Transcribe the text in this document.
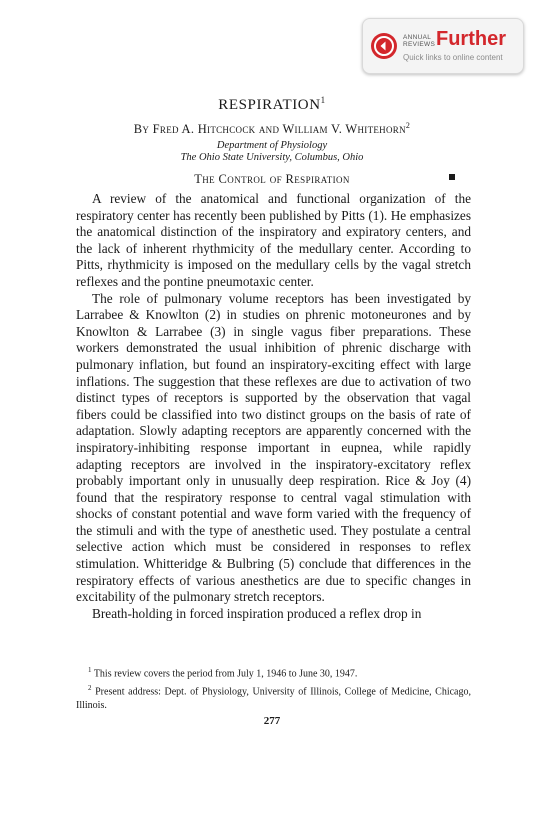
ANNUAL
REVIEWS Further
Quick links to online content
RESPIRATION$^1$
By Fred A. Hitchcock and William V. Whitehorn$^2$
Department of Physiology
The Ohio State University, Columbus, Ohio
The Control of Respiration

A review of the anatomical and functional organization of the respiratory center has recently been published by Pitts (1). He emphasizes the anatomical distinction of the inspiratory and expiratory centers, and the lack of inherent rhythmicity of the medullary center. According to Pitts, rhythmicity is imposed on the medullary cells by the vagal stretch reflexes and the pontine pneumotaxic center.

The role of pulmonary volume receptors has been investigated by Larrabee & Knowlton (2) in studies on phrenic motoneurones and by Knowlton & Larrabee (3) in single vagus fiber preparations. These workers demonstrated the usual inhibition of phrenic discharge with pulmonary inflation, but found an inspiratory-exciting effect with large inflations. The suggestion that these reflexes are due to activation of two distinct types of receptors is supported by the observation that vagal fibers could be classified into two distinct groups on the basis of rate of adaptation. Slowly adapting receptors are apparently concerned with the inspiratory-inhibiting response important in eupnea, while rapidly adapting receptors are involved in the inspiratory-excitatory reflex probably important only in unusually deep respiration. Rice & Joy (4) found that the respiratory response to central vagal stimulation with shocks of constant potential and wave form varied with the frequency of the stimuli and with the type of anesthetic used. They postulate a central selective action which must be considered in responses to reflex stimulation. Whitteridge & Bulbring (5) conclude that differences in the respiratory effects of various anesthetics are due to specific changes in excitability of the pulmonary stretch receptors.

Breath-holding in forced inspiration produced a reflex drop in

$^1$ This review covers the period from July 1, 1946 to June 30, 1947.

$^2$ Present address: Dept. of Physiology, University of Illinois, College of Medicine, Chicago, Illinois.

277
